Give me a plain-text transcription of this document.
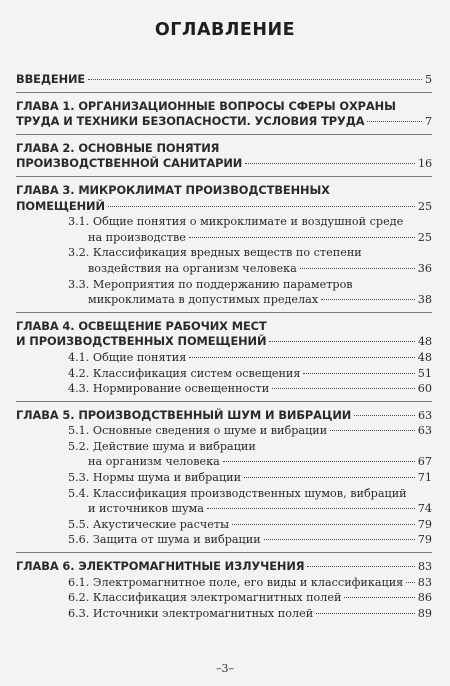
ОГЛАВЛЕНИЕ
ВВЕДЕНИЕ	5
ГЛАВА 1. ОРГАНИЗАЦИОННЫЕ ВОПРОСЫ СФЕРЫ ОХРАНЫ
ТРУДА И ТЕХНИКИ БЕЗОПАСНОСТИ. УСЛОВИЯ ТРУДА	7
ГЛАВА 2. ОСНОВНЫЕ ПОНЯТИЯ
ПРОИЗВОДСТВЕННОЙ САНИТАРИИ	16
ГЛАВА 3. МИКРОКЛИМАТ ПРОИЗВОДСТВЕННЫХ
ПОМЕЩЕНИЙ	25
3.1. Общие понятия о микроклимате и воздушной среде
на производстве	25
3.2. Классификация вредных веществ по степени
воздействия на организм человека	36
3.3. Мероприятия по поддержанию параметров
микроклимата в допустимых пределах	38
ГЛАВА 4. ОСВЕЩЕНИЕ РАБОЧИХ МЕСТ
И ПРОИЗВОДСТВЕННЫХ ПОМЕЩЕНИЙ	48
4.1. Общие понятия	48
4.2. Классификация систем освещения	51
4.3. Нормирование освещенности	60
ГЛАВА 5. ПРОИЗВОДСТВЕННЫЙ ШУМ И ВИБРАЦИИ	63
5.1. Основные сведения о шуме и вибрации	63
5.2. Действие шума и вибрации
на организм человека	67
5.3. Нормы шума и вибрации	71
5.4. Классификация производственных шумов, вибраций
и источников шума	74
5.5. Акустические расчеты	79
5.6. Защита от шума и вибрации	79
ГЛАВА 6. ЭЛЕКТРОМАГНИТНЫЕ ИЗЛУЧЕНИЯ	83
6.1. Электромагнитное поле, его виды и классификация 83
6.2. Классификация электромагнитных полей	86
6.3. Источники электромагнитных полей	89
–3–
